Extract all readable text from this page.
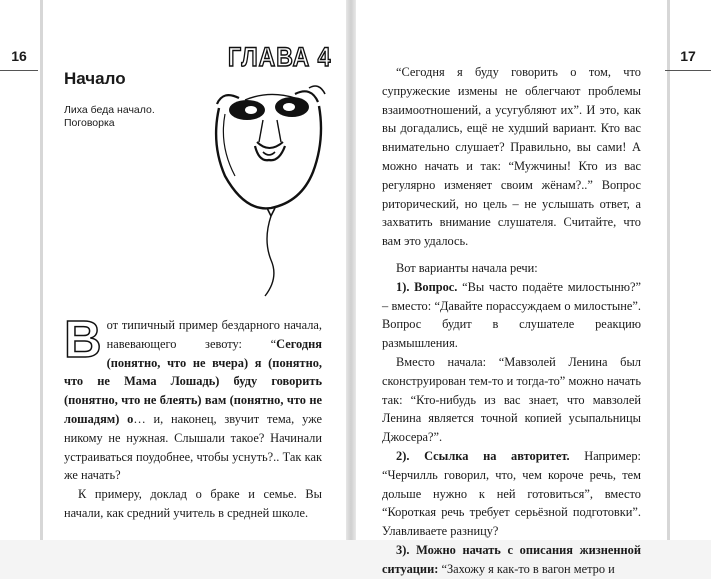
16	17
ГЛАВА 4
Начало
Лиха беда начало.
Поговорка

Вот типичный пример бездарного начала, навевающего зевоту: “Сегодня (понятно, что не вчера) я (понятно, что не Мама Лошадь) буду говорить (понятно, что не блеять) вам (понятно, что не лошадям) о… и, наконец, звучит тема, уже никому не нужная. Слышали такое? Начинали устраиваться поудобнее, чтобы уснуть?.. Так как же начать?

К примеру, доклад о браке и семье. Вы начали, как средний учитель в средней школе.

“Сегодня я буду говорить о том, что супружеские измены не облегчают проблемы взаимоотношений, а усугубляют их”. И это, как вы догадались, ещё не худший вариант. Кто вас внимательно слушает? Правильно, вы сами! А можно начать и так: “Мужчины! Кто из вас регулярно изменяет своим жёнам?..” Вопрос риторический, но цель – не услышать ответ, а захватить внимание слушателя. Считайте, что вам это удалось.

Вот варианты начала речи:

1). Вопрос. “Вы часто подаёте милостыню?” – вместо: “Давайте порассуждаем о милостыне”. Вопрос будит в слушателе реакцию размышления.

Вместо начала: “Мавзолей Ленина был сконструирован тем-то и тогда-то” можно начать так: “Кто-нибудь из вас знает, что мавзолей Ленина является точной копией усыпальницы Джосера?”.

2). Ссылка на авторитет. Например: “Черчилль говорил, что, чем короче речь, тем дольше нужно к ней готовиться”, вместо “Короткая речь требует серьёзной подготовки”. Улавливаете разницу?

3). Можно начать с описания жизненной ситуации: “Захожу я как-то в вагон метро и
